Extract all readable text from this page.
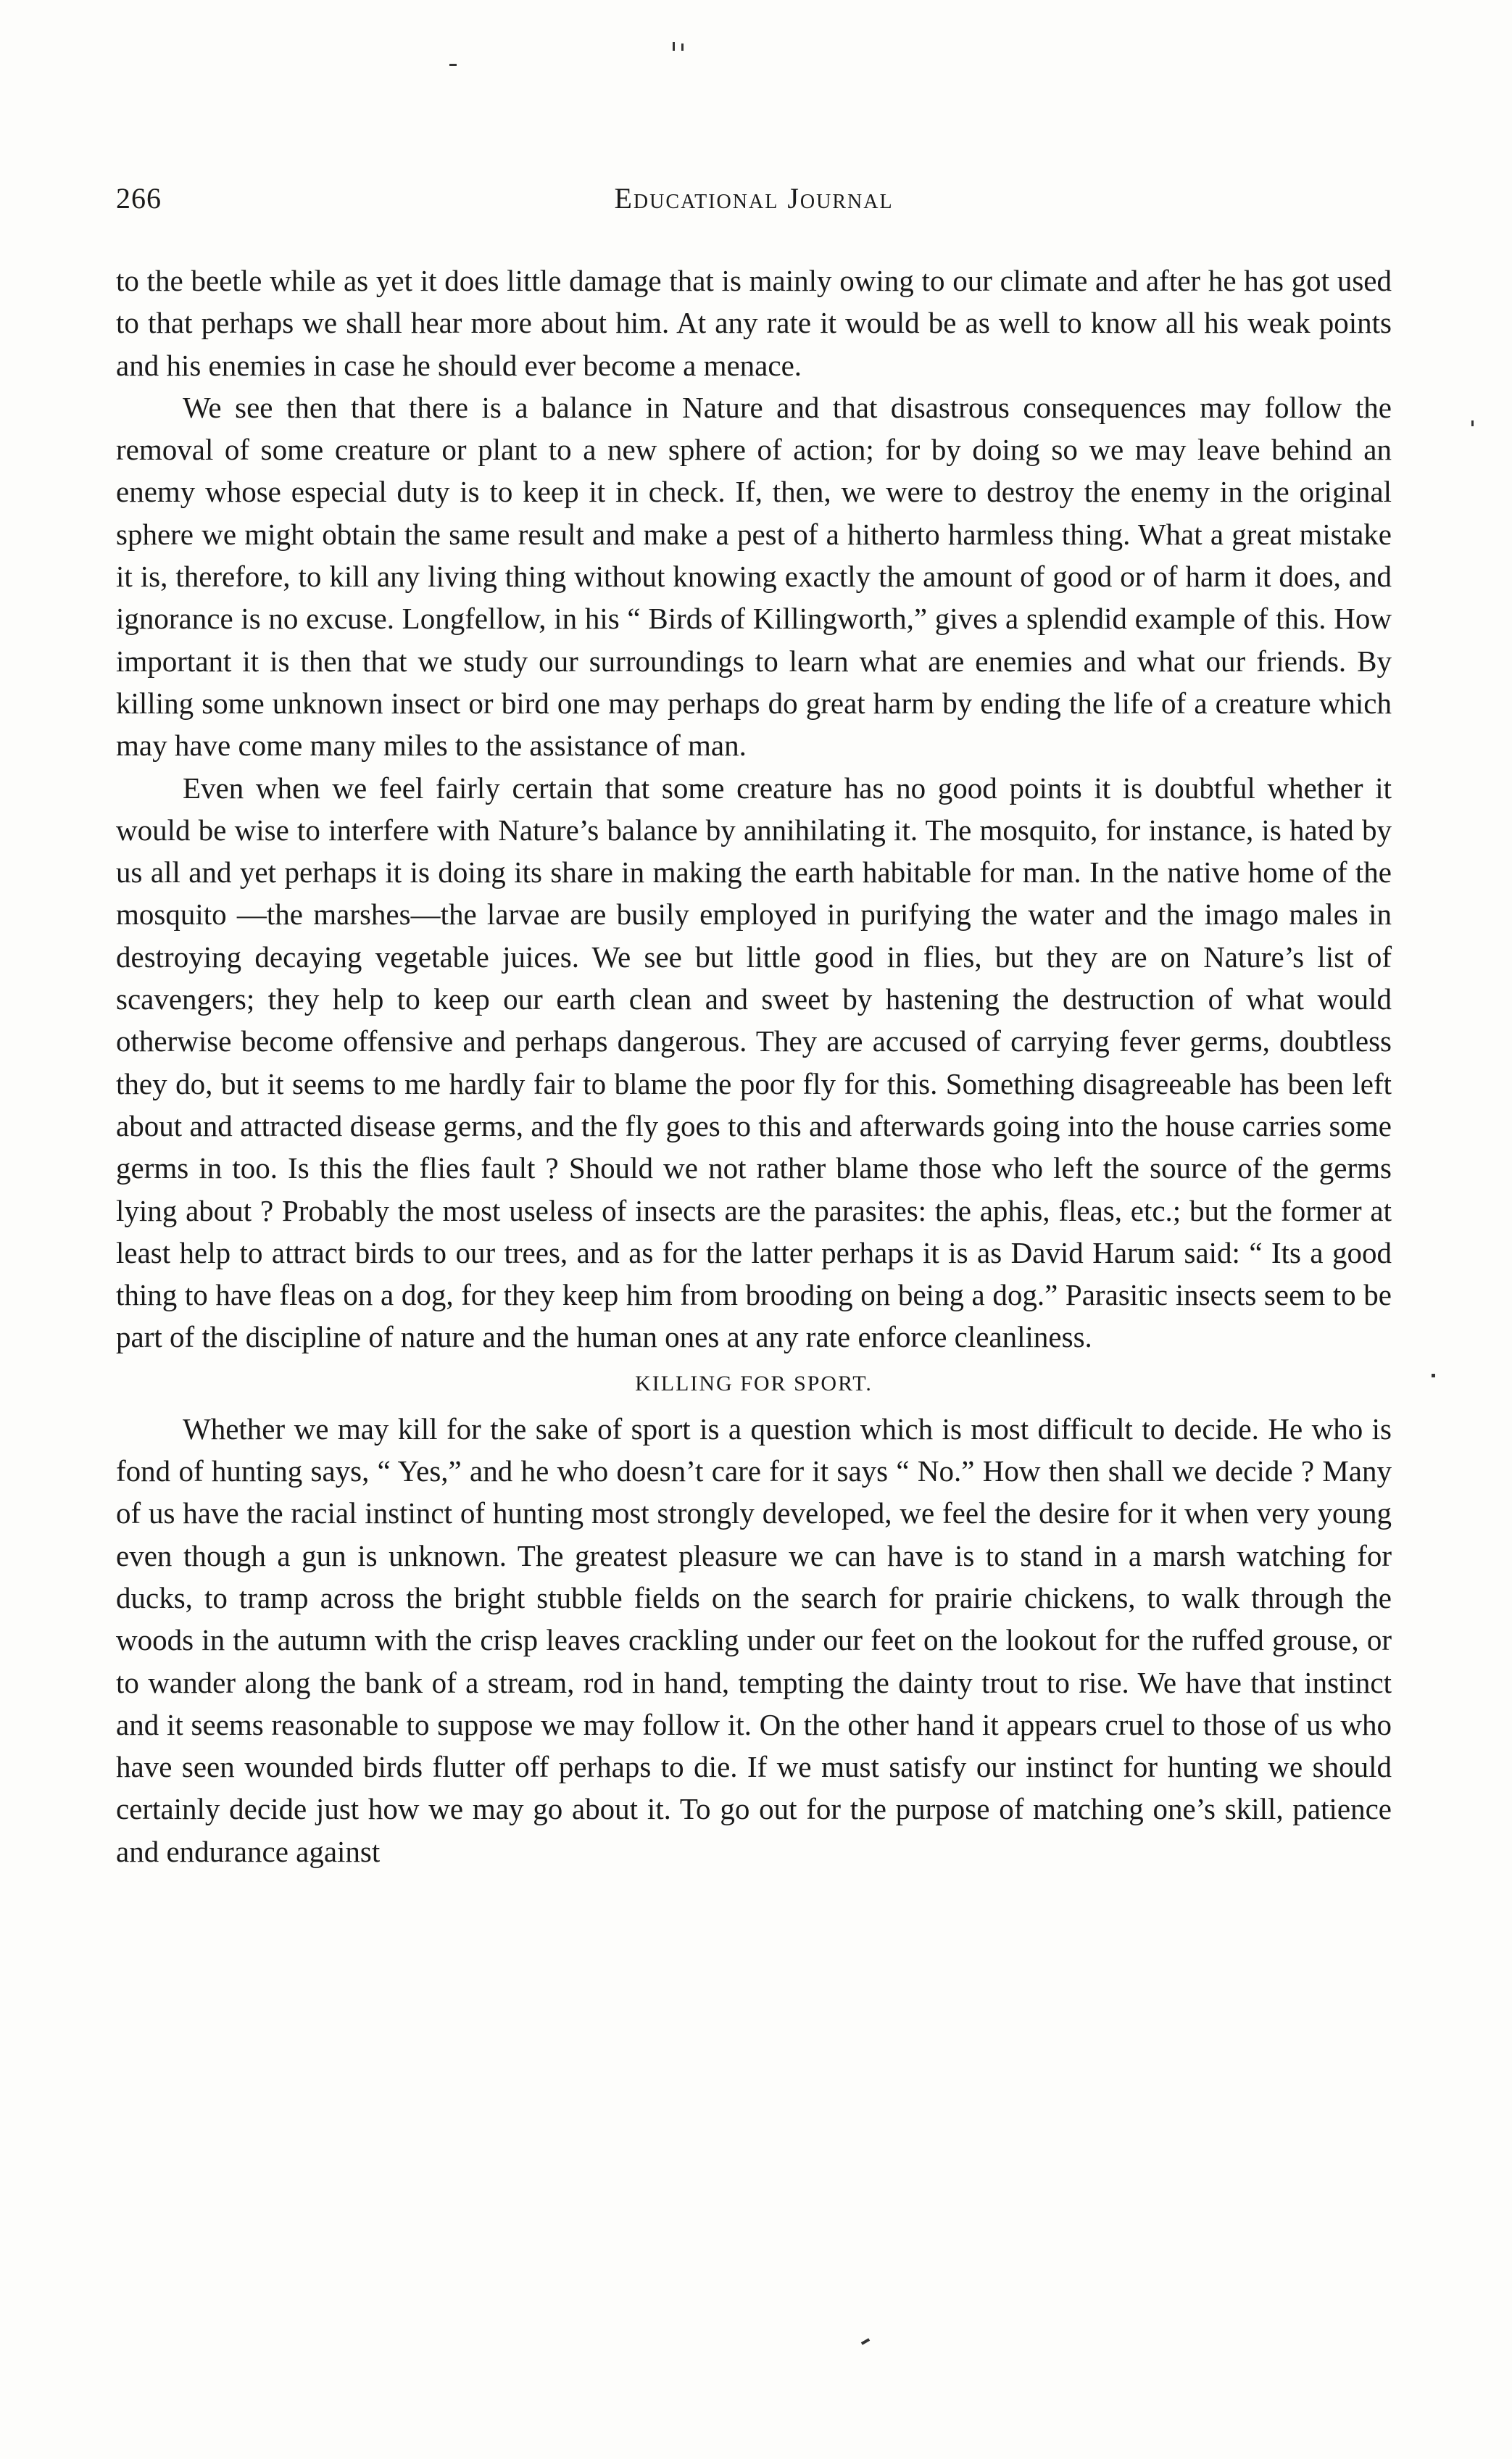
266	Educational Journal

to the beetle while as yet it does little damage that is mainly owing to our climate and after he has got used to that perhaps we shall hear more about him. At any rate it would be as well to know all his weak points and his enemies in case he should ever become a menace.

We see then that there is a balance in Nature and that disastrous consequences may follow the removal of some creature or plant to a new sphere of action; for by doing so we may leave behind an enemy whose especial duty is to keep it in check. If, then, we were to destroy the enemy in the original sphere we might obtain the same result and make a pest of a hitherto harmless thing. What a great mistake it is, therefore, to kill any living thing without knowing exactly the amount of good or of harm it does, and ignorance is no excuse. Longfellow, in his “ Birds of Killingworth,” gives a splendid example of this. How important it is then that we study our surroundings to learn what are enemies and what our friends. By killing some unknown insect or bird one may perhaps do great harm by ending the life of a creature which may have come many miles to the assistance of man.

Even when we feel fairly certain that some creature has no good points it is doubtful whether it would be wise to interfere with Nature’s balance by annihilating it. The mosquito, for instance, is hated by us all and yet perhaps it is doing its share in making the earth habitable for man. In the native home of the mosquito —the marshes—the larvae are busily employed in purifying the water and the imago males in destroying decaying vegetable juices. We see but little good in flies, but they are on Nature’s list of scavengers; they help to keep our earth clean and sweet by hastening the destruction of what would otherwise become offensive and perhaps dangerous. They are accused of carrying fever germs, doubtless they do, but it seems to me hardly fair to blame the poor fly for this. Something disagreeable has been left about and attracted disease germs, and the fly goes to this and afterwards going into the house carries some germs in too. Is this the flies fault ? Should we not rather blame those who left the source of the germs lying about ? Probably the most useless of insects are the parasites: the aphis, fleas, etc.; but the former at least help to attract birds to our trees, and as for the latter perhaps it is as David Harum said: “ Its a good thing to have fleas on a dog, for they keep him from brooding on being a dog.” Parasitic insects seem to be part of the discipline of nature and the human ones at any rate enforce cleanliness.

KILLING FOR SPORT.

Whether we may kill for the sake of sport is a question which is most difficult to decide. He who is fond of hunting says, “ Yes,” and he who doesn’t care for it says “ No.” How then shall we decide ? Many of us have the racial instinct of hunting most strongly developed, we feel the desire for it when very young even though a gun is unknown. The greatest pleasure we can have is to stand in a marsh watching for ducks, to tramp across the bright stubble fields on the search for prairie chickens, to walk through the woods in the autumn with the crisp leaves crackling under our feet on the lookout for the ruffed grouse, or to wander along the bank of a stream, rod in hand, tempting the dainty trout to rise. We have that instinct and it seems reasonable to suppose we may follow it. On the other hand it appears cruel to those of us who have seen wounded birds flutter off perhaps to die. If we must satisfy our instinct for hunting we should certainly decide just how we may go about it. To go out for the purpose of matching one’s skill, patience and endurance against
